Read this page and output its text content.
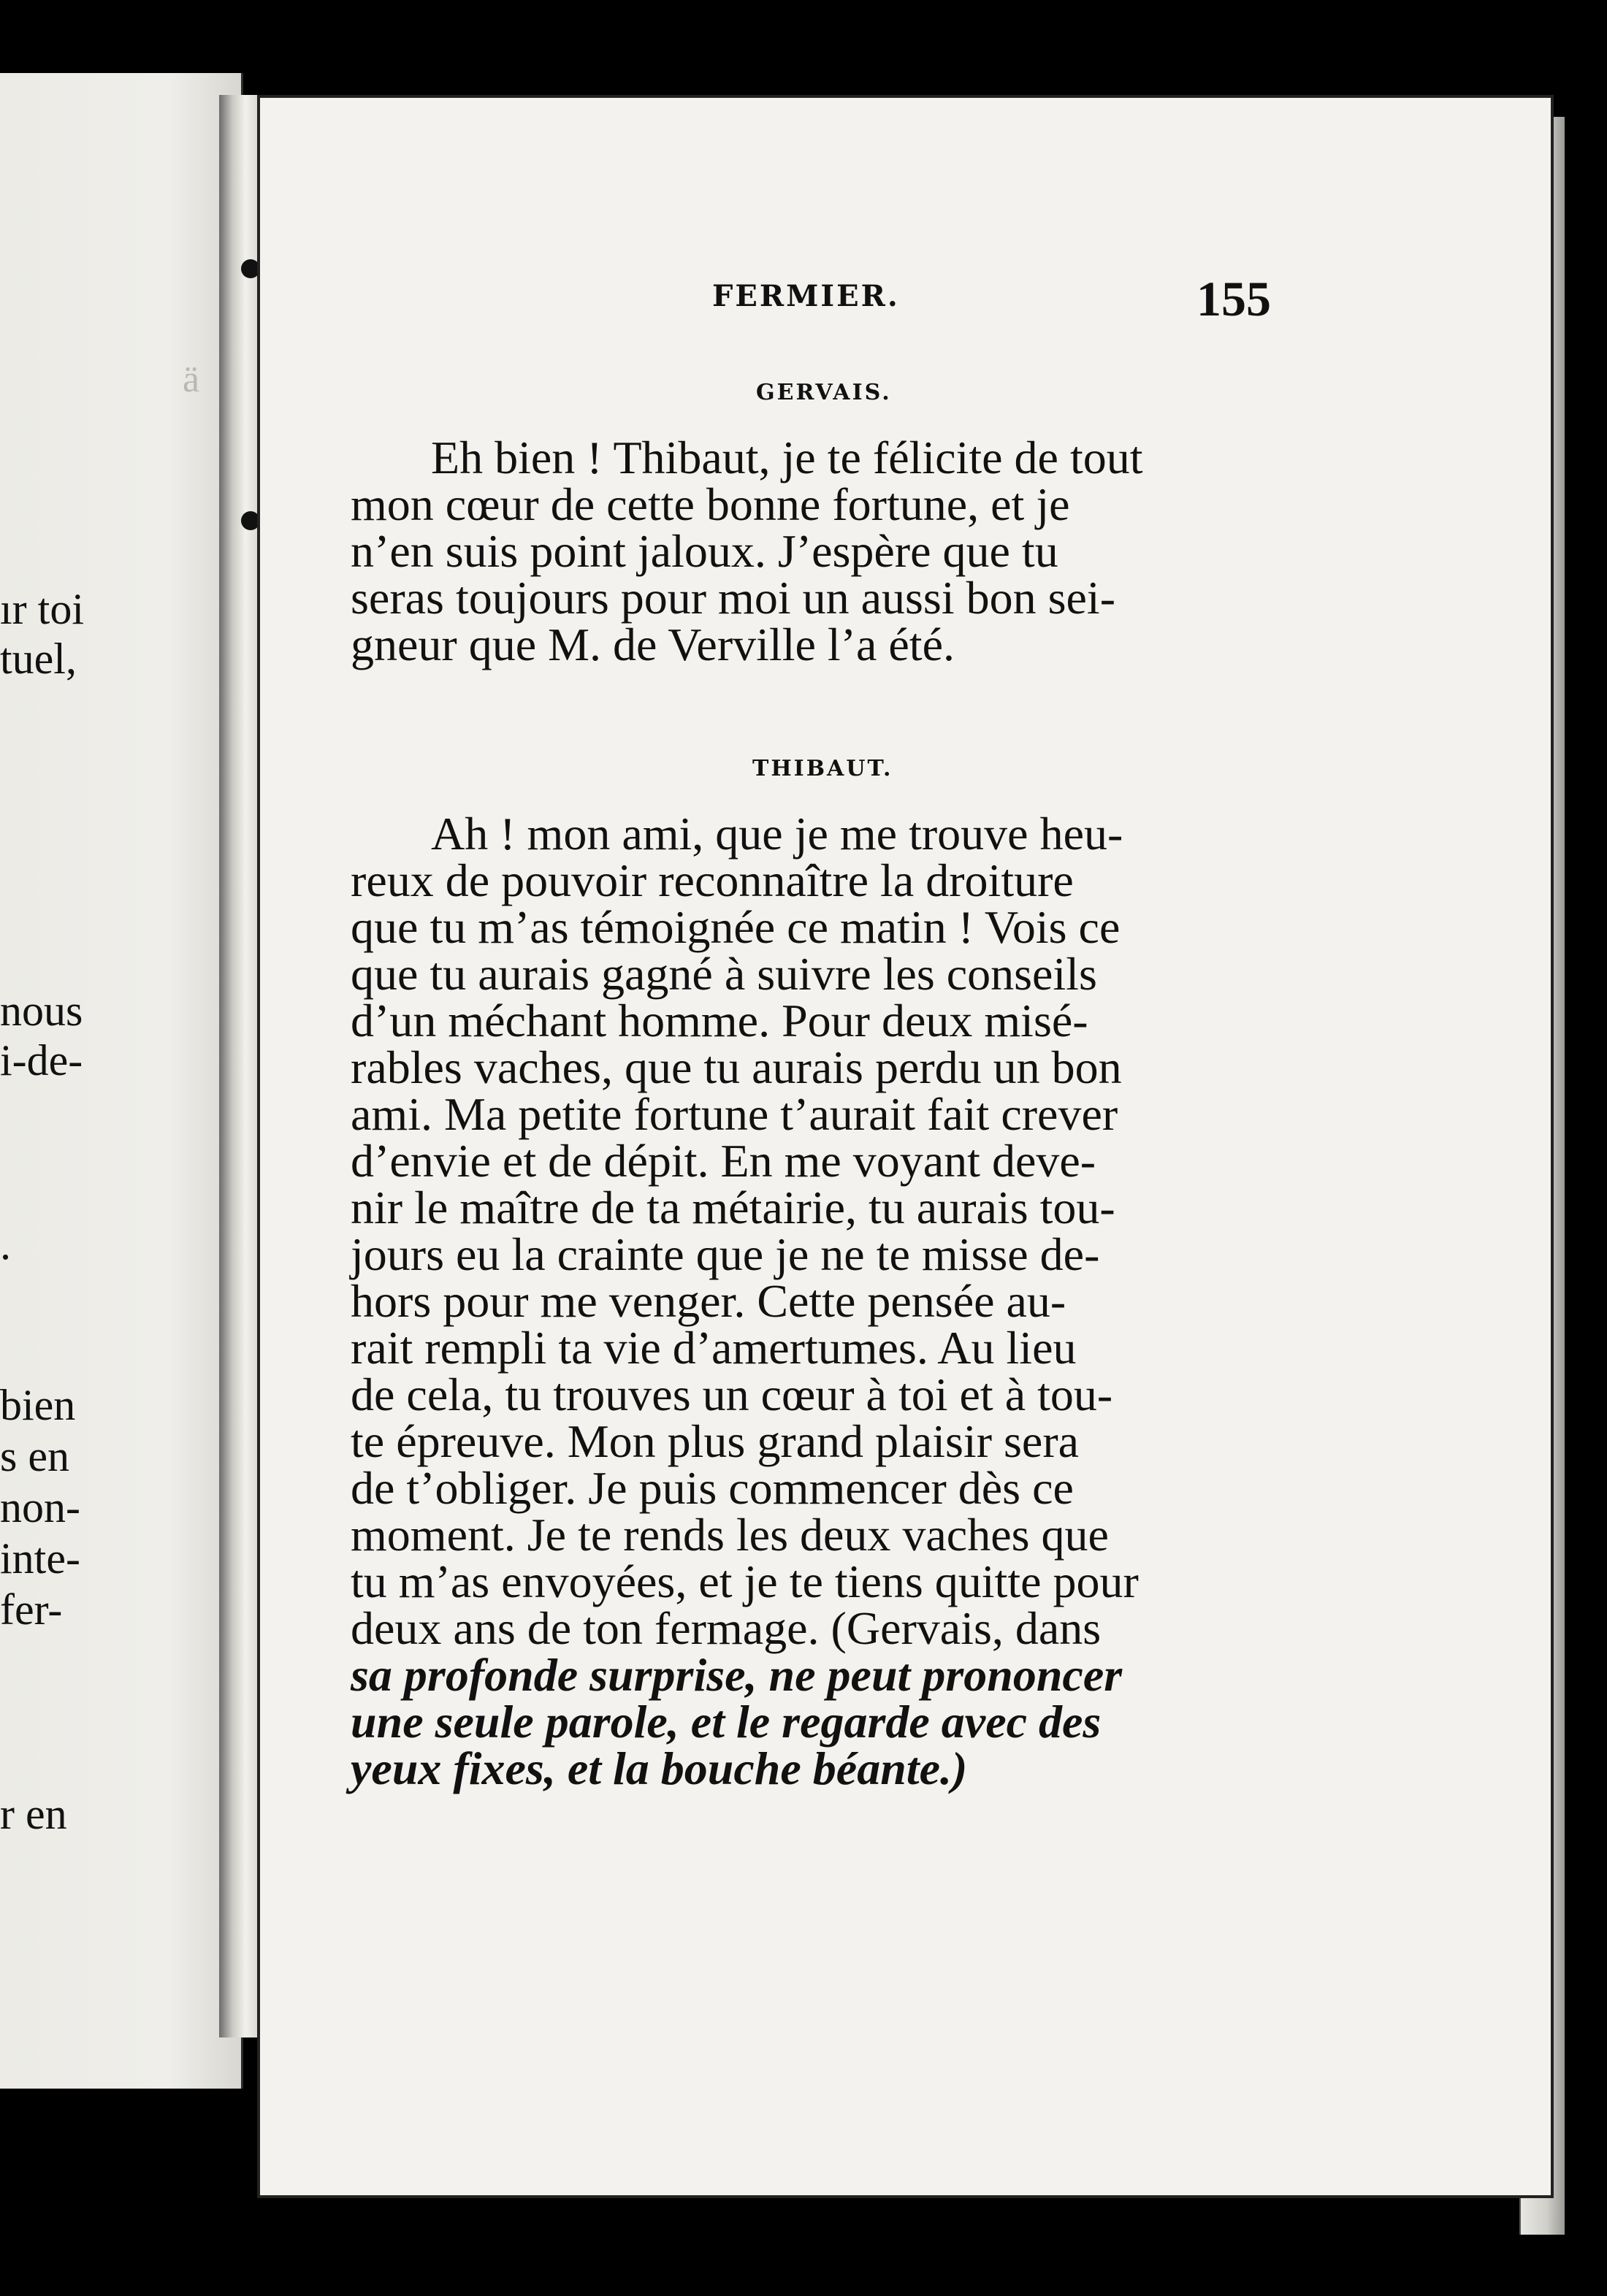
ä
ır toi
tuel,
nous
i-de-
.
bien
s en
non-
inte-
fer-
r en
FERMIER.	155
GERVAIS.
Eh bien ! Thibaut, je te félicite de tout
mon cœur de cette bonne fortune, et je
n’en suis point jaloux. J’espère que tu
seras toujours pour moi un aussi bon sei-
gneur que M. de Verville l’a été.
THIBAUT.
Ah ! mon ami, que je me trouve heu-
reux de pouvoir reconnaître la droiture
que tu m’as témoignée ce matin ! Vois ce
que tu aurais gagné à suivre les conseils
d’un méchant homme. Pour deux misé-
rables vaches, que tu aurais perdu un bon
ami. Ma petite fortune t’aurait fait crever
d’envie et de dépit. En me voyant deve-
nir le maître de ta métairie, tu aurais tou-
jours eu la crainte que je ne te misse de-
hors pour me venger. Cette pensée au-
rait rempli ta vie d’amertumes. Au lieu
de cela, tu trouves un cœur à toi et à tou-
te épreuve. Mon plus grand plaisir sera
de t’obliger. Je puis commencer dès ce
moment. Je te rends les deux vaches que
tu m’as envoyées, et je te tiens quitte pour
deux ans de ton fermage. (Gervais, dans
sa profonde surprise, ne peut prononcer
une seule parole, et le regarde avec des
yeux fixes, et la bouche béante.)
